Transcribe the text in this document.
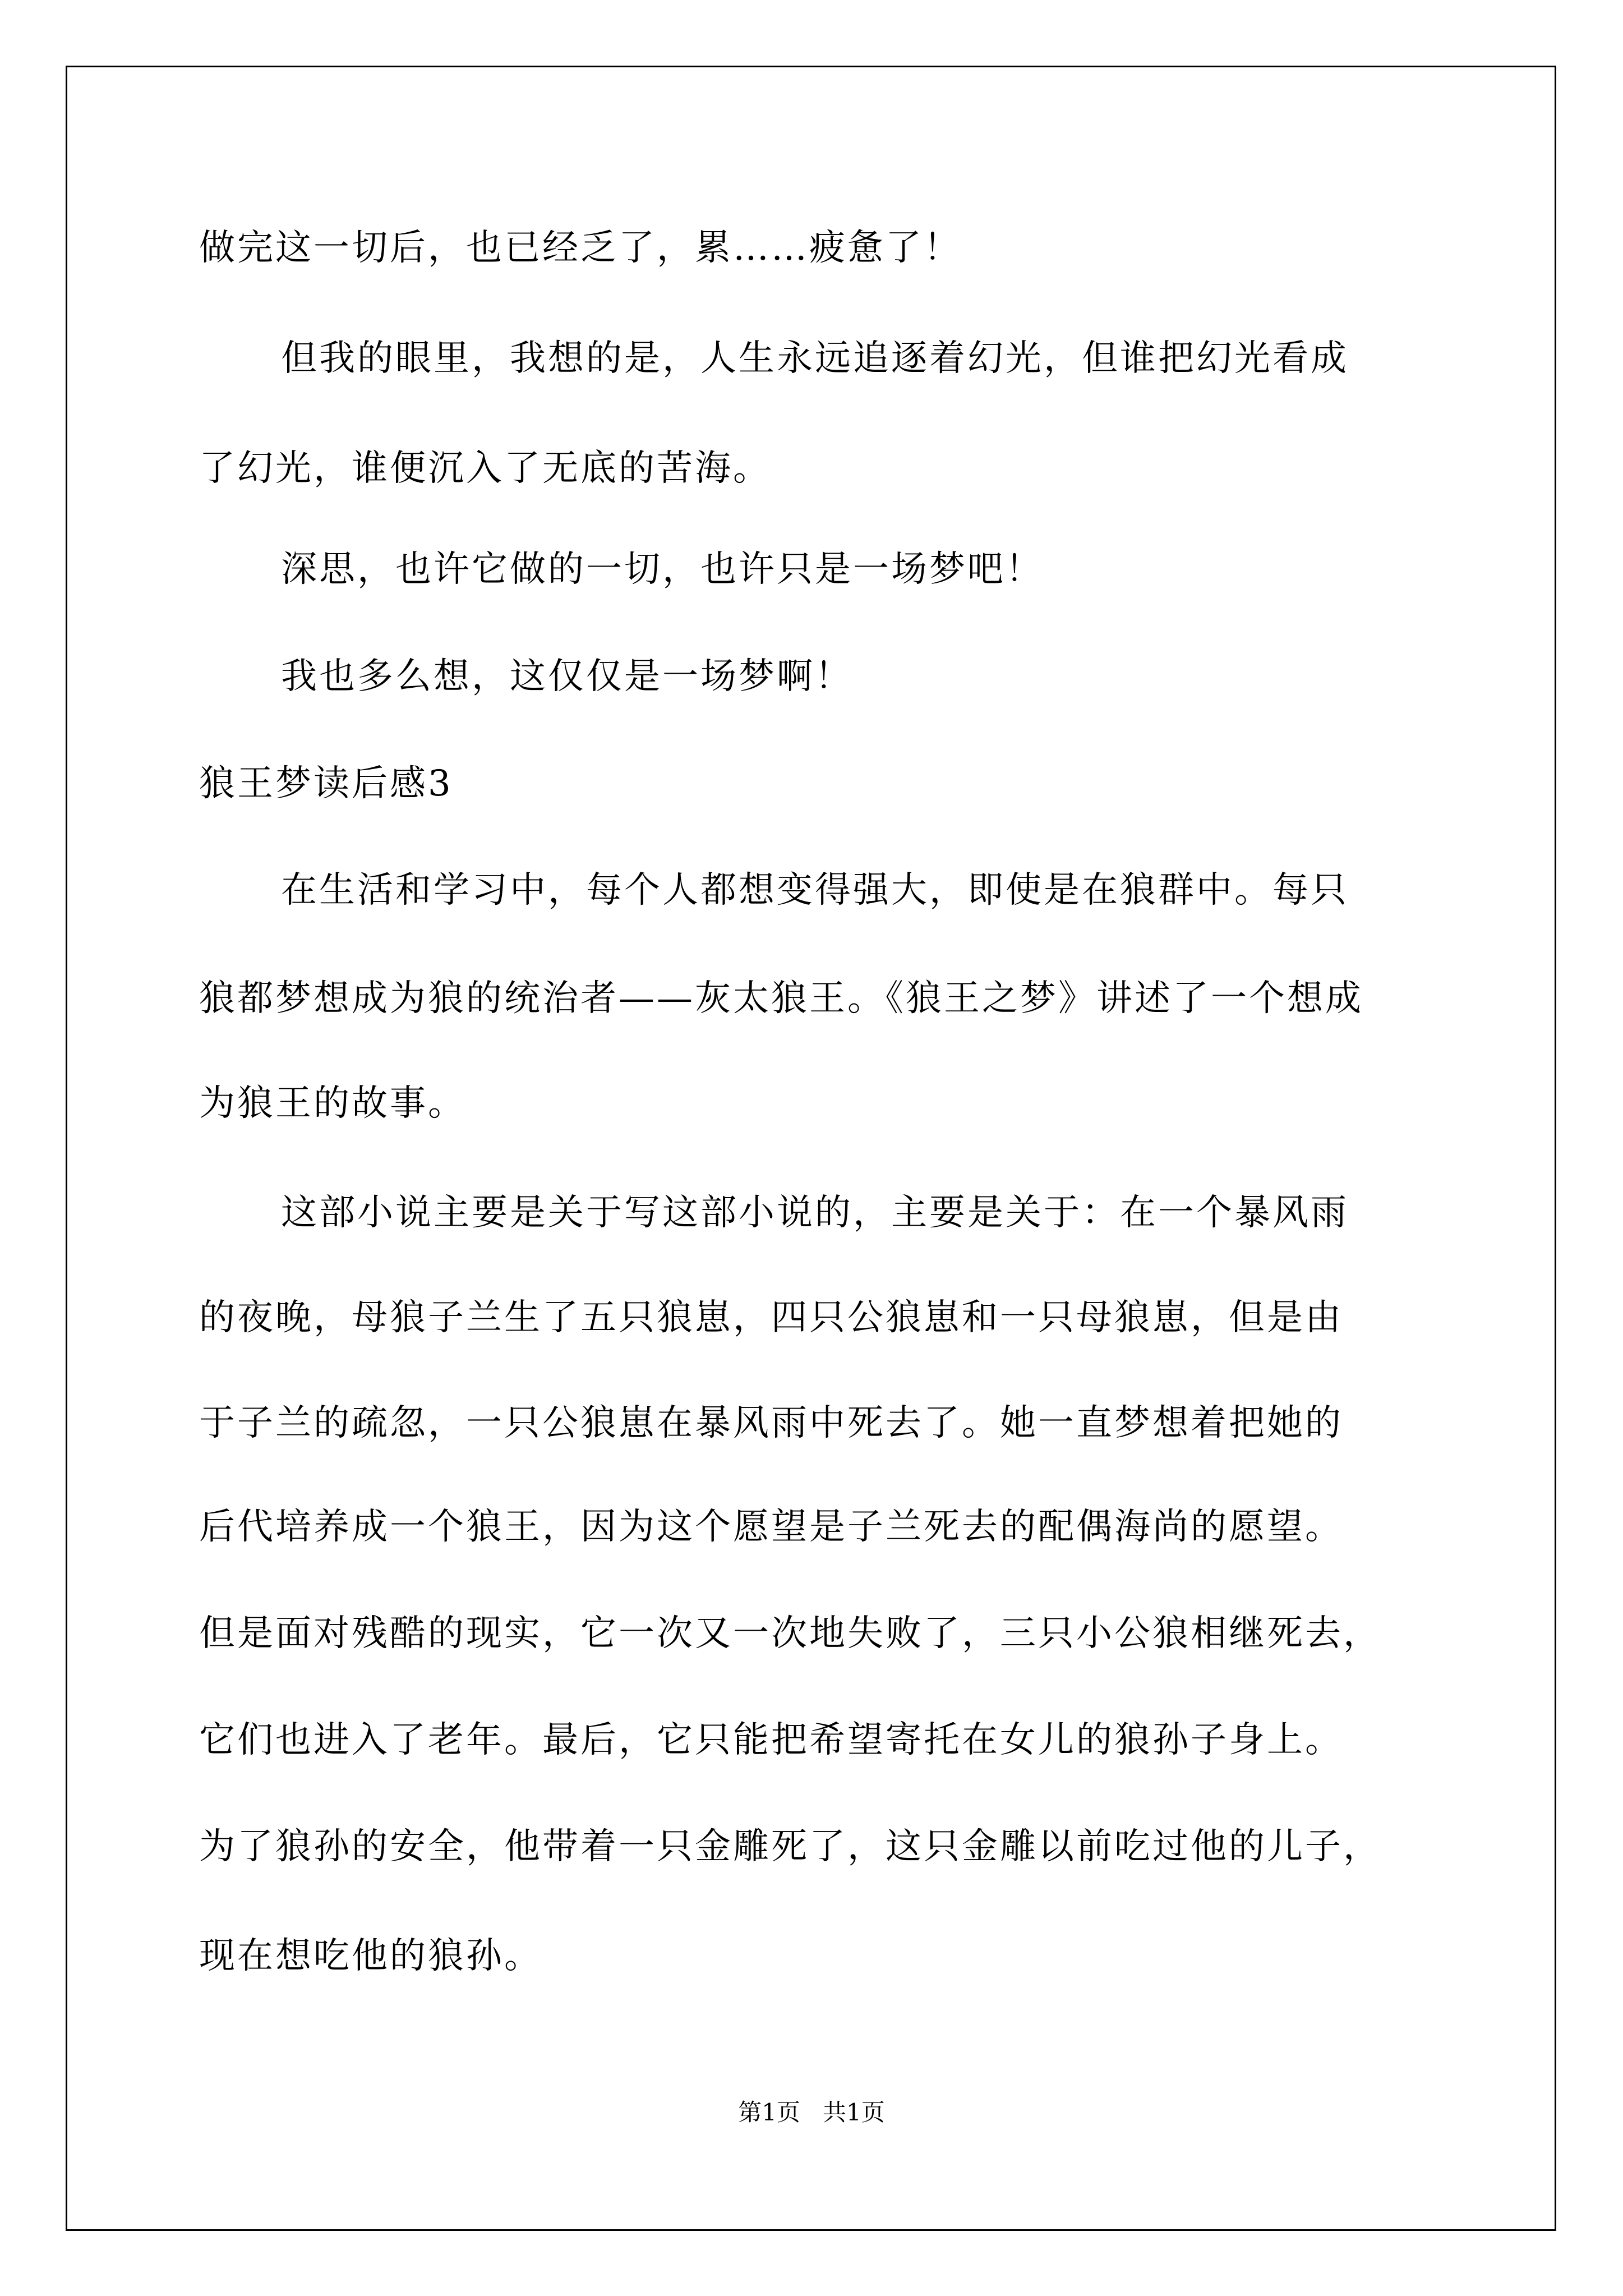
做完这一切后，也已经乏了，累……疲惫了！
但我的眼里，我想的是，人生永远追逐着幻光，但谁把幻光看成
了幻光，谁便沉入了无底的苦海。
深思，也许它做的一切，也许只是一场梦吧！
我也多么想，这仅仅是一场梦啊！
狼王梦读后感3
在生活和学习中，每个人都想变得强大，即使是在狼群中。每只
狼都梦想成为狼的统治者——灰太狼王。《狼王之梦》讲述了一个想成
为狼王的故事。
这部小说主要是关于写这部小说的，主要是关于：在一个暴风雨
的夜晚，母狼子兰生了五只狼崽，四只公狼崽和一只母狼崽，但是由
于子兰的疏忽，一只公狼崽在暴风雨中死去了。她一直梦想着把她的
后代培养成一个狼王，因为这个愿望是子兰死去的配偶海尚的愿望。
但是面对残酷的现实，它一次又一次地失败了，三只小公狼相继死去，
它们也进入了老年。最后，它只能把希望寄托在女儿的狼孙子身上。
为了狼孙的安全，他带着一只金雕死了，这只金雕以前吃过他的儿子，
现在想吃他的狼孙。
第1页   共1页
